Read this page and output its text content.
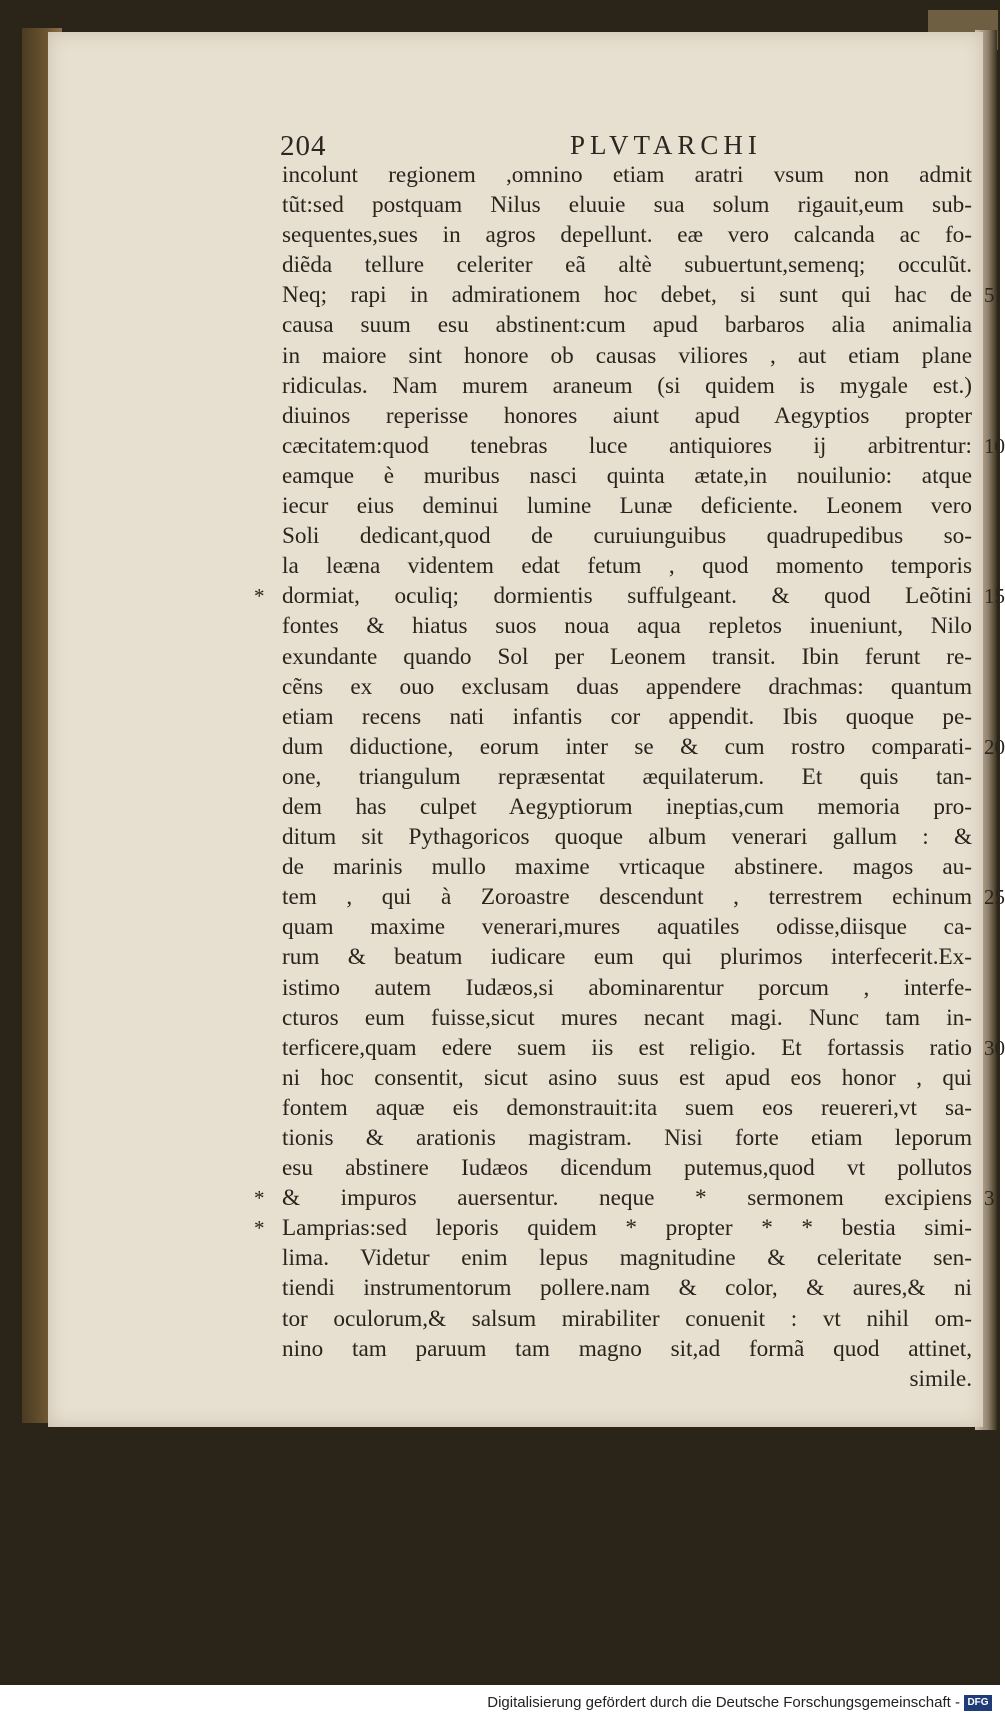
204	PLVTARCHI
incolunt regionem ,omnino etiam aratri vsum non admit
tũt:sed postquam Nilus eluuie sua solum rigauit,eum sub-
sequentes,sues in agros depellunt. eæ vero calcanda ac fo-
diẽda tellure celeriter eã altè subuertunt,semenq; occulũt.
Neq; rapi in admirationem hoc debet, si sunt qui hac de 5
causa suum esu abstinent:cum apud barbaros alia animalia
in maiore sint honore ob causas viliores , aut etiam plane
ridiculas. Nam murem araneum (si quidem is mygale est.)
diuinos reperisse honores aiunt apud Aegyptios propter
cæcitatem:quod tenebras luce antiquiores ij arbitrentur: 10
eamque è muribus nasci quinta ætate,in nouilunio: atque
iecur eius deminui lumine Lunæ deficiente. Leonem vero
Soli dedicant,quod de curuiunguibus quadrupedibus so-
la leæna videntem edat fetum , quod momento temporis
dormiat, oculiq; dormientis suffulgeant. & quod Leõtini 15
*
fontes & hiatus suos noua aqua repletos inueniunt, Nilo
exundante quando Sol per Leonem transit. Ibin ferunt re-
cẽns ex ouo exclusam duas appendere drachmas: quantum
etiam recens nati infantis cor appendit. Ibis quoque pe-
dum diductione, eorum inter se & cum rostro comparati- 20
one, triangulum repræsentat æquilaterum. Et quis tan-
dem has culpet Aegyptiorum ineptias,cum memoria pro-
ditum sit Pythagoricos quoque album venerari gallum : &
de marinis mullo maxime vrticaque abstinere. magos au-
tem , qui à Zoroastre descendunt , terrestrem echinum 25
quam maxime venerari,mures aquatiles odisse,diisque ca-
rum & beatum iudicare eum qui plurimos interfecerit.Ex-
istimo autem Iudæos,si abominarentur porcum , interfe-
cturos eum fuisse,sicut mures necant magi. Nunc tam in-
terficere,quam edere suem iis est religio. Et fortassis ratio 30
ni hoc consentit, sicut asino suus est apud eos honor , qui
fontem aquæ eis demonstrauit:ita suem eos reuereri,vt sa-
tionis & arationis magistram. Nisi forte etiam leporum
esu abstinere Iudæos dicendum putemus,quod vt pollutos
& impuros auersentur. neque * sermonem excipiens 3
*
Lamprias:sed leporis quidem * propter * * bestia simi-
*
lima. Videtur enim lepus magnitudine & celeritate sen-
tiendi instrumentorum pollere.nam & color, & aures,& ni
tor oculorum,& salsum mirabiliter conuenit : vt nihil om-
nino tam paruum tam magno sit,ad formã quod attinet,
simile.
Digitalisierung gefördert durch die Deutsche Forschungsgemeinschaft - DFG
